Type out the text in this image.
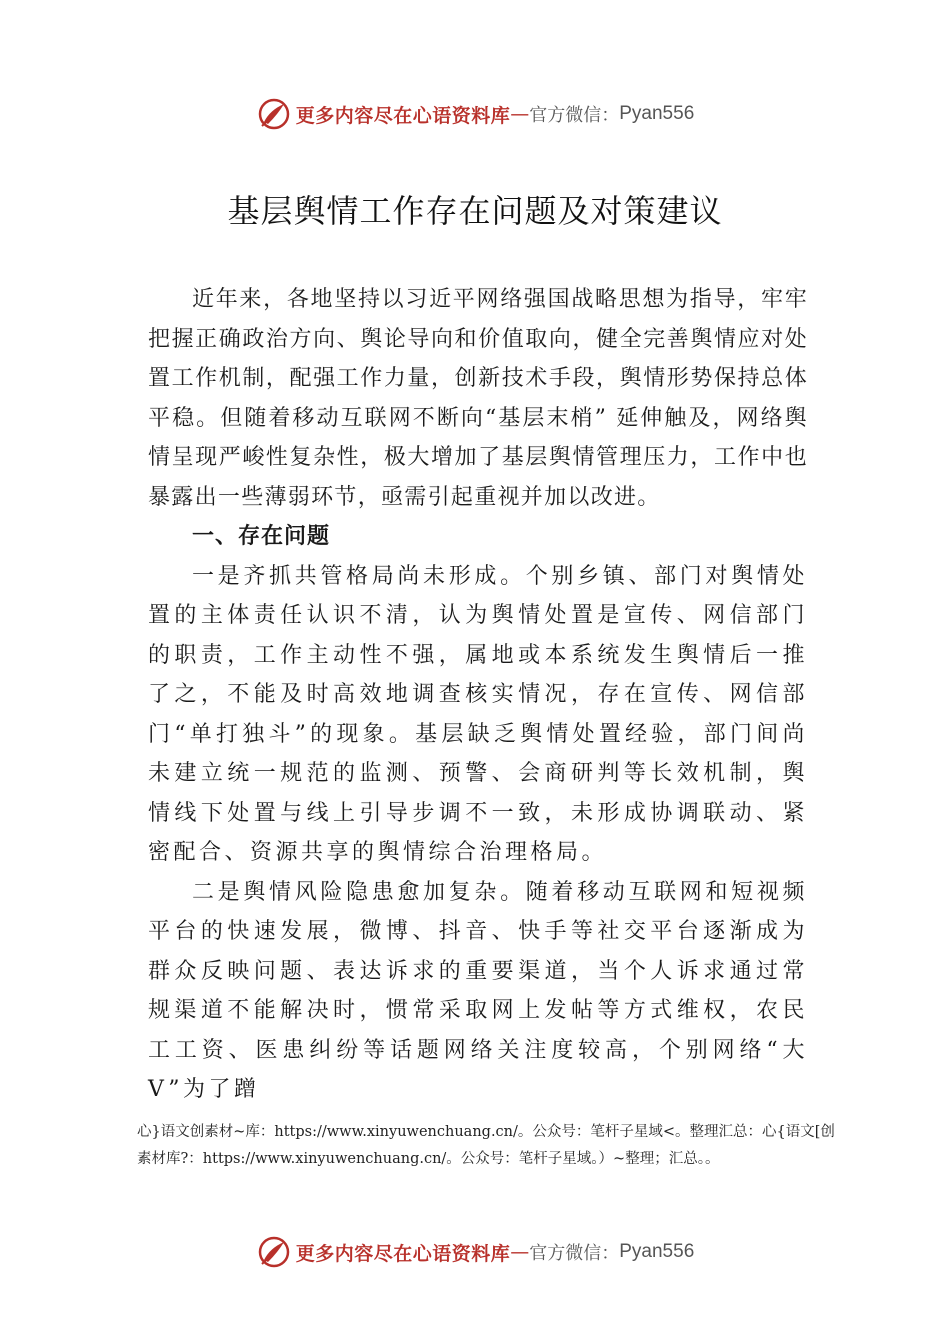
更多内容尽在心语资料库 — 官方微信： Pyan556
基层舆情工作存在问题及对策建议

近年来，各地坚持以习近平网络强国战略思想为指导，牢牢把握正确政治方向、舆论导向和价值取向，健全完善舆情应对处置工作机制，配强工作力量，创新技术手段，舆情形势保持总体平稳。但随着移动互联网不断向“基层末梢” 延伸触及，网络舆情呈现严峻性复杂性，极大增加了基层舆情管理压力，工作中也暴露出一些薄弱环节，亟需引起重视并加以改进。

一、存在问题

一是齐抓共管格局尚未形成。个别乡镇、部门对舆情处置的主体责任认识不清，认为舆情处置是宣传、网信部门的职责，工作主动性不强，属地或本系统发生舆情后一推了之，不能及时高效地调查核实情况，存在宣传、网信部门“单打独斗”的现象。基层缺乏舆情处置经验，部门间尚未建立统一规范的监测、预警、会商研判等长效机制，舆情线下处置与线上引导步调不一致，未形成协调联动、紧密配合、资源共享的舆情综合治理格局。

二是舆情风险隐患愈加复杂。随着移动互联网和短视频平台的快速发展，微博、抖音、快手等社交平台逐渐成为群众反映问题、表达诉求的重要渠道，当个人诉求通过常规渠道不能解决时，惯常采取网上发帖等方式维权，农民工工资、医患纠纷等话题网络关注度较高，个别网络“大 V”为了蹭

心}语文创素材~库：https://www.xinyuwenchuang.cn/。公众号：笔杆子星域<。整理汇总：心{语文[创素材库?：https://www.xinyuwenchuang.cn/。公众号：笔杆子星域。）~整理；汇总。。

更多内容尽在心语资料库 — 官方微信： Pyan556
